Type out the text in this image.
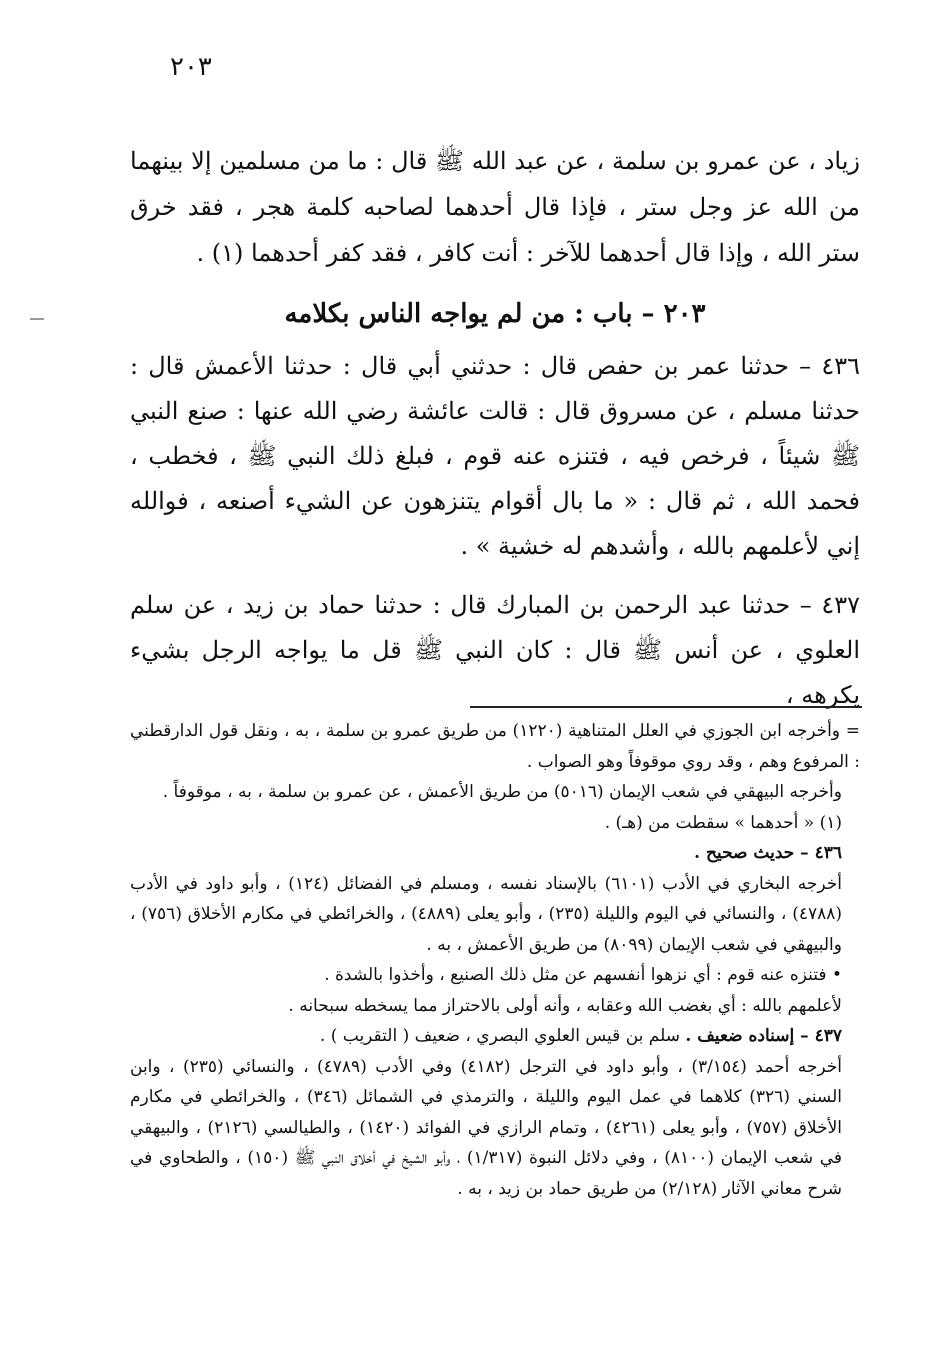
٢٠٣

زياد ، عن عمرو بن سلمة ، عن عبد الله ﷺ قال : ما من مسلمين إلا بينهما من الله عز وجل ستر ، فإذا قال أحدهما لصاحبه كلمة هجر ، فقد خرق ستر الله ، وإذا قال أحدهما للآخر : أنت كافر ، فقد كفر أحدهما (١) .

٢٠٣ – باب : من لم يواجه الناس بكلامه

٤٣٦ – حدثنا عمر بن حفص قال : حدثني أبي قال : حدثنا الأعمش قال : حدثنا مسلم ، عن مسروق قال : قالت عائشة رضي الله عنها : صنع النبي ﷺ شيئاً ، فرخص فيه ، فتنزه عنه قوم ، فبلغ ذلك النبي ﷺ ، فخطب ، فحمد الله ، ثم قال : « ما بال أقوام يتنزهون عن الشيء أصنعه ، فوالله إني لأعلمهم بالله ، وأشدهم له خشية » .

٤٣٧ – حدثنا عبد الرحمن بن المبارك قال : حدثنا حماد بن زيد ، عن سلم العلوي ، عن أنس ﷺ قال : كان النبي ﷺ قل ما يواجه الرجل بشيء يكرهه ،

= وأخرجه ابن الجوزي في العلل المتناهية (١٢٢٠) من طريق عمرو بن سلمة ، به ، ونقل قول الدارقطني : المرفوع وهم ، وقد روي موقوفاً وهو الصواب .

وأخرجه البيهقي في شعب الإيمان (٥٠١٦) من طريق الأعمش ، عن عمرو بن سلمة ، به ، موقوفاً .

(١) « أحدهما » سقطت من (هـ) .

٤٣٦ – حديث صحيح .

أخرجه البخاري في الأدب (٦١٠١) بالإسناد نفسه ، ومسلم في الفضائل (١٢٤) ، وأبو داود في الأدب (٤٧٨٨) ، والنسائي في اليوم والليلة (٢٣٥) ، وأبو يعلى (٤٨٨٩) ، والخرائطي في مكارم الأخلاق (٧٥٦) ، والبيهقي في شعب الإيمان (٨٠٩٩) من طريق الأعمش ، به .

• فتنزه عنه قوم : أي نزهوا أنفسهم عن مثل ذلك الصنيع ، وأخذوا بالشدة .

لأعلمهم بالله : أي بغضب الله وعقابه ، وأنه أولى بالاحتراز مما يسخطه سبحانه .

٤٣٧ – إسناده ضعيف . سلم بن قيس العلوي البصري ، ضعيف ( التقريب ) .

أخرجه أحمد (٣/١٥٤) ، وأبو داود في الترجل (٤١٨٢) وفي الأدب (٤٧٨٩) ، والنسائي (٢٣٥) ، وابن السني (٣٢٦) كلاهما في عمل اليوم والليلة ، والترمذي في الشمائل (٣٤٦) ، والخرائطي في مكارم الأخلاق (٧٥٧) ، وأبو يعلى (٤٢٦١) ، وتمام الرازي في الفوائد (١٤٢٠) ، والطيالسي (٢١٢٦) ، والبيهقي في شعب الإيمان (٨١٠٠) ، وفي دلائل النبوة (١/٣١٧) ، وأبو الشيخ في أخلاق النبي ﷺ (١٥٠) ، والطحاوي في شرح معاني الآثار (٢/١٢٨) من طريق حماد بن زيد ، به .
